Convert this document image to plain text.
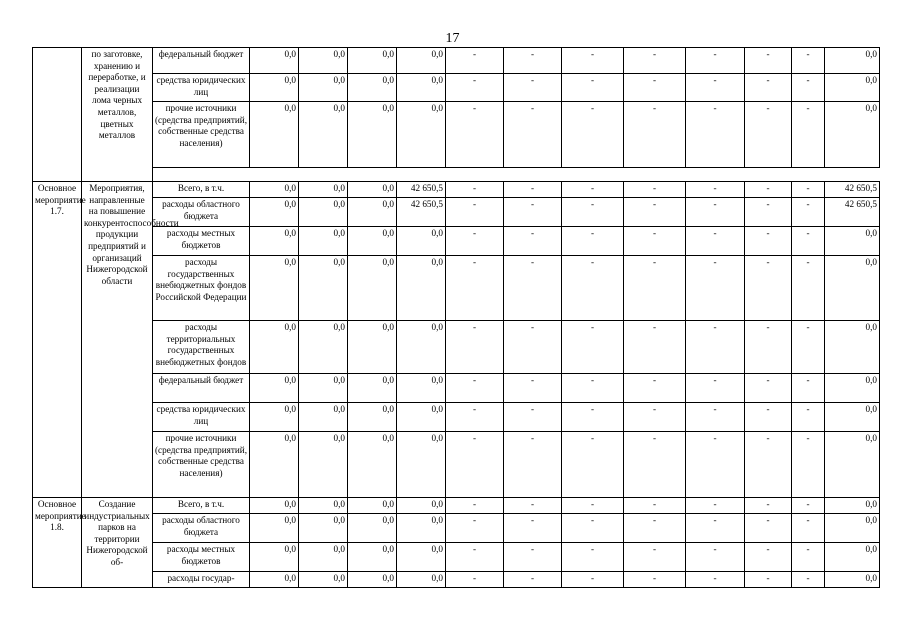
17
	по заготовке, хранению и переработке, и реализации лома черных металлов, цветных металлов	федеральный бюджет	0,0	0,0	0,0	0,0	-	-	-	-	-	-	-	0,0
		средства юридических лиц	0,0	0,0	0,0	0,0	-	-	-	-	-	-	-	0,0
		прочие источники (средства предприятий, собственные средства населения)	0,0	0,0	0,0	0,0	-	-	-	-	-	-	-	0,0

Основное мероприятие 1.7.	Мероприятия, направленные на повышение конкурентоспособности продукции предприятий и организаций Нижегородской области	Всего, в т.ч.	0,0	0,0	0,0	42 650,5	-	-	-	-	-	-	-	42 650,5
		расходы областного бюджета	0,0	0,0	0,0	42 650,5	-	-	-	-	-	-	-	42 650,5
		расходы местных бюджетов	0,0	0,0	0,0	0,0	-	-	-	-	-	-	-	0,0
		расходы государственных внебюджетных фондов Российской Федерации	0,0	0,0	0,0	0,0	-	-	-	-	-	-	-	0,0
		расходы территориальных государственных внебюджетных фондов	0,0	0,0	0,0	0,0	-	-	-	-	-	-	-	0,0
		федеральный бюджет	0,0	0,0	0,0	0,0	-	-	-	-	-	-	-	0,0
		средства юридических лиц	0,0	0,0	0,0	0,0	-	-	-	-	-	-	-	0,0
		прочие источники (средства предприятий, собственные средства населения)	0,0	0,0	0,0	0,0	-	-	-	-	-	-	-	0,0
Основное мероприятие 1.8.	Создание индустриальных парков на территории Нижегородской об-	Всего, в т.ч.	0,0	0,0	0,0	0,0	-	-	-	-	-	-	-	0,0
		расходы областного бюджета	0,0	0,0	0,0	0,0	-	-	-	-	-	-	-	0,0
		расходы местных бюджетов	0,0	0,0	0,0	0,0	-	-	-	-	-	-	-	0,0
		расходы государ-	0,0	0,0	0,0	0,0	-	-	-	-	-	-	-	0,0
